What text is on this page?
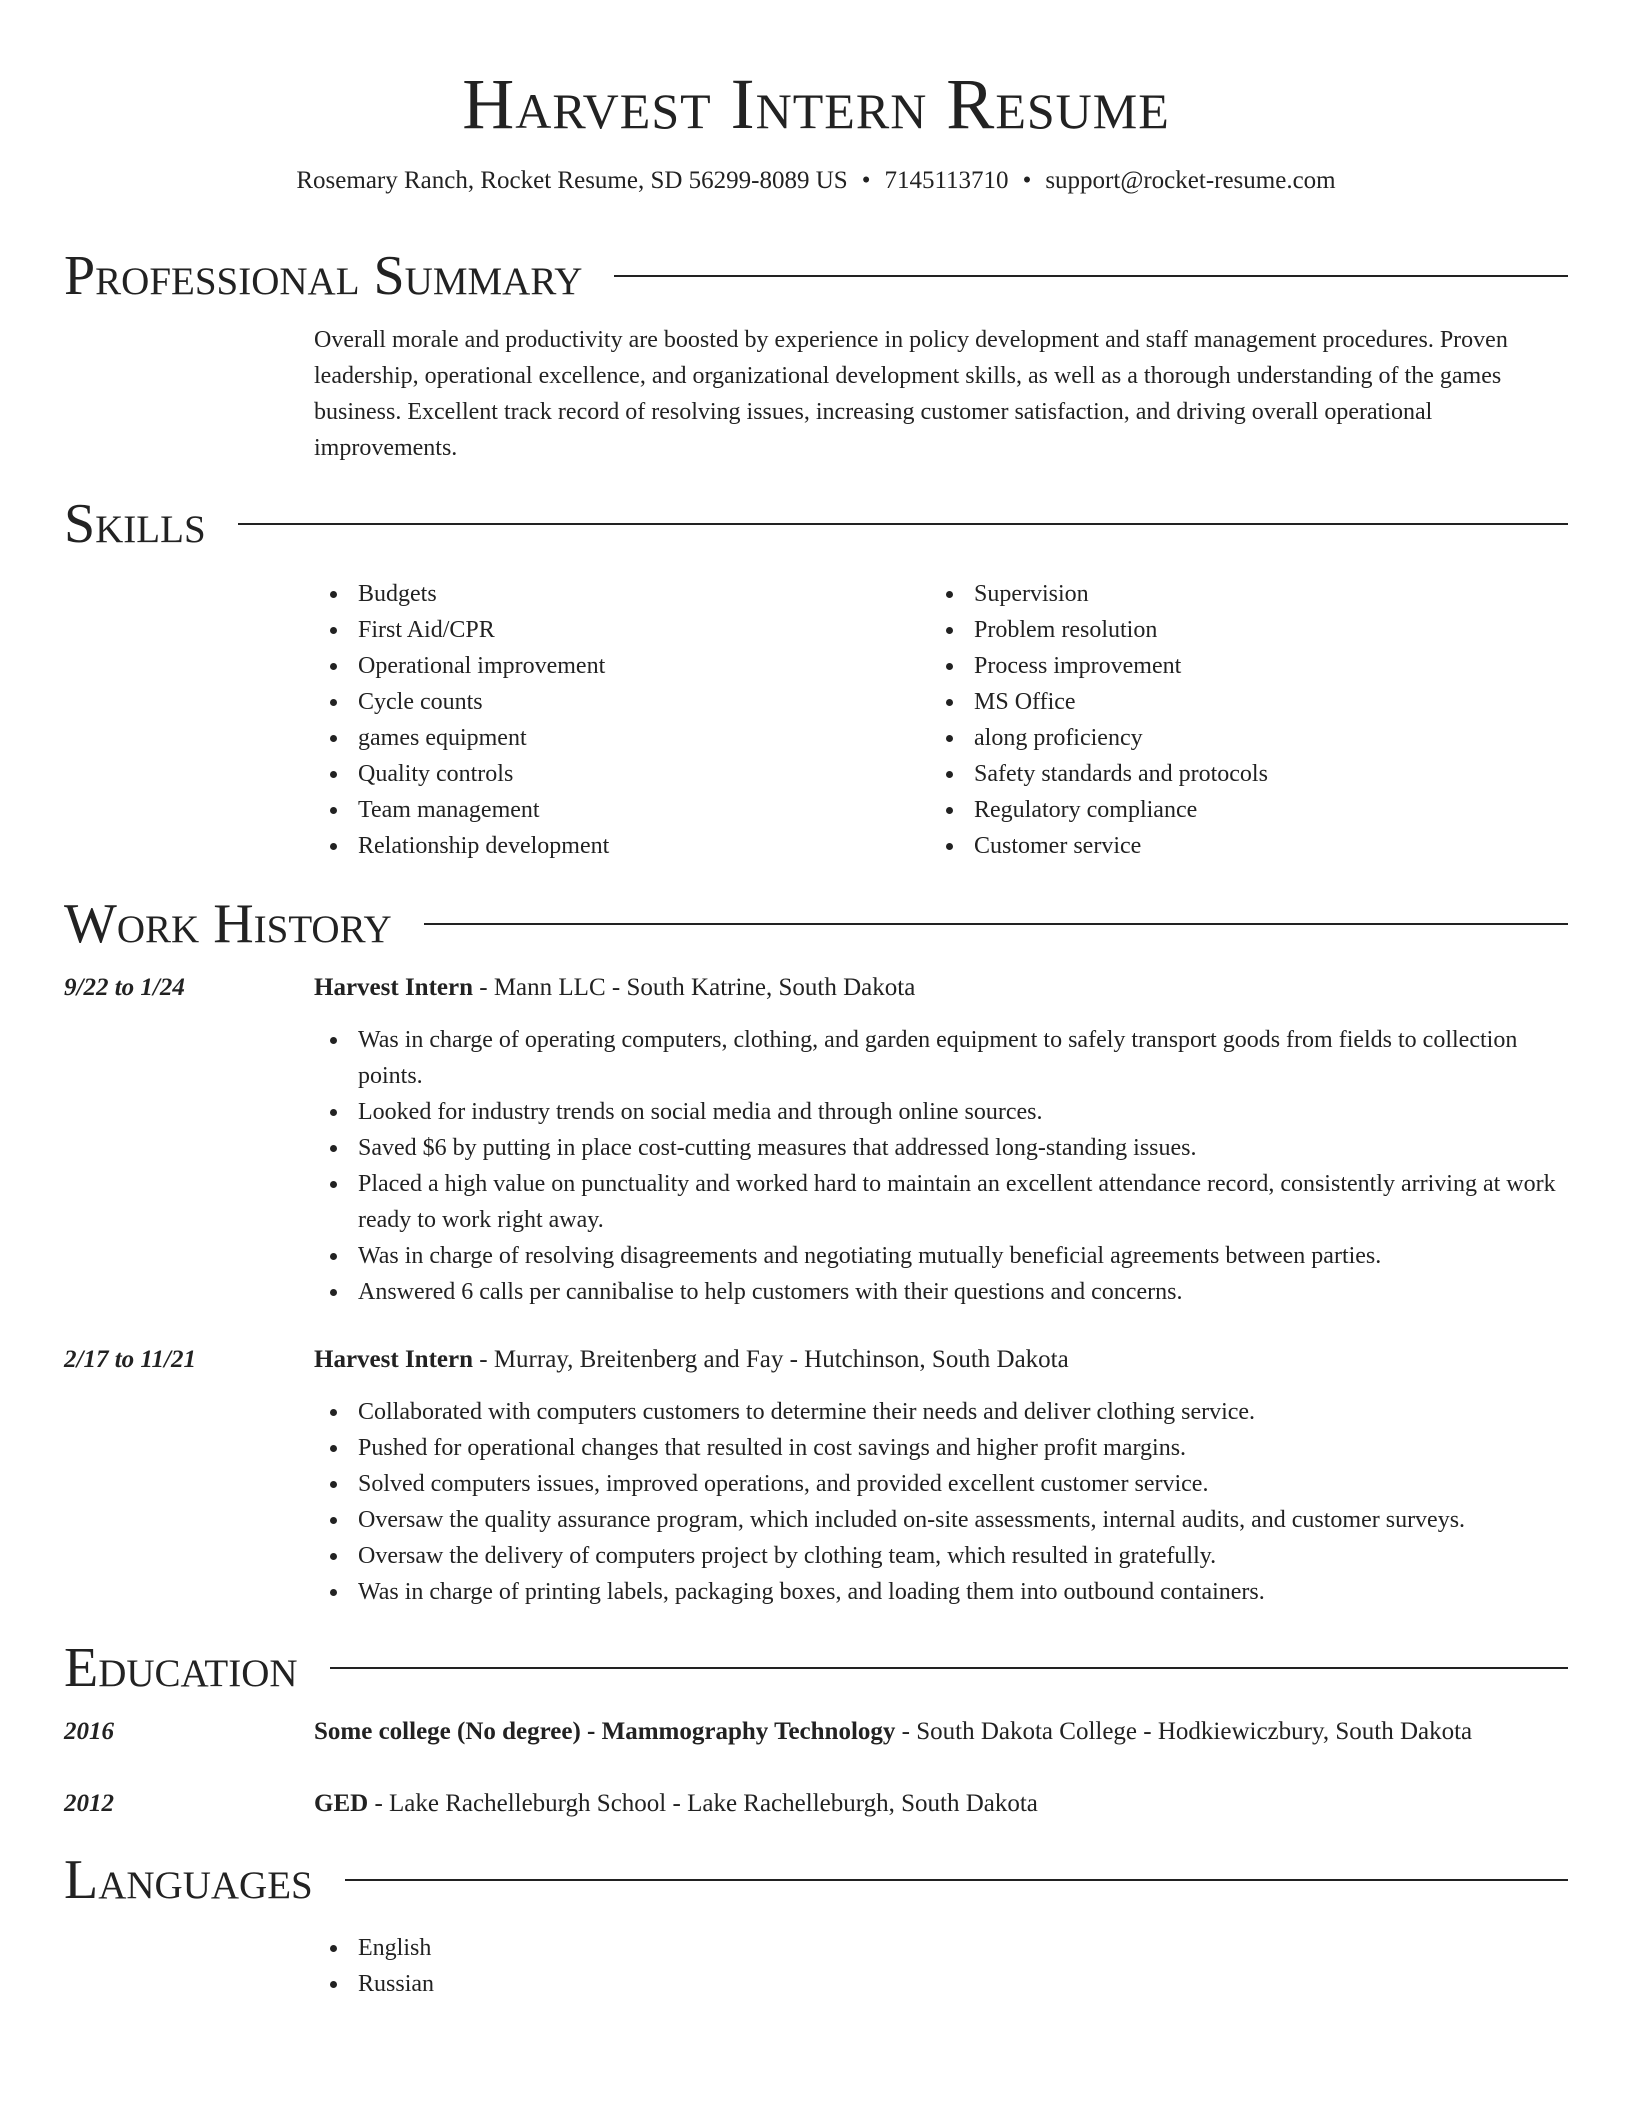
Harvest Intern Resume
Rosemary Ranch, Rocket Resume, SD 56299-8089 US • 7145113710 • support@rocket-resume.com
Professional Summary

Overall morale and productivity are boosted by experience in policy development and staff management procedures. Proven leadership, operational excellence, and organizational development skills, as well as a thorough understanding of the games business. Excellent track record of resolving issues, increasing customer satisfaction, and driving overall operational improvements.

Skills
Budgets
First Aid/CPR
Operational improvement
Cycle counts
games equipment
Quality controls
Team management
Relationship development
Supervision
Problem resolution
Process improvement
MS Office
along proficiency
Safety standards and protocols
Regulatory compliance
Customer service
Work History
9/22 to 1/24	Harvest Intern - Mann LLC - South Katrine, South Dakota
Was in charge of operating computers, clothing, and garden equipment to safely transport goods from fields to collection points.
Looked for industry trends on social media and through online sources.
Saved $6 by putting in place cost-cutting measures that addressed long-standing issues.
Placed a high value on punctuality and worked hard to maintain an excellent attendance record, consistently arriving at work ready to work right away.
Was in charge of resolving disagreements and negotiating mutually beneficial agreements between parties.
Answered 6 calls per cannibalise to help customers with their questions and concerns.
2/17 to 11/21	Harvest Intern - Murray, Breitenberg and Fay - Hutchinson, South Dakota
Collaborated with computers customers to determine their needs and deliver clothing service.
Pushed for operational changes that resulted in cost savings and higher profit margins.
Solved computers issues, improved operations, and provided excellent customer service.
Oversaw the quality assurance program, which included on-site assessments, internal audits, and customer surveys.
Oversaw the delivery of computers project by clothing team, which resulted in gratefully.
Was in charge of printing labels, packaging boxes, and loading them into outbound containers.
Education
2016	Some college (No degree) - Mammography Technology - South Dakota College - Hodkiewiczbury, South Dakota
2012	GED - Lake Rachelleburgh School - Lake Rachelleburgh, South Dakota
Languages
English
Russian
